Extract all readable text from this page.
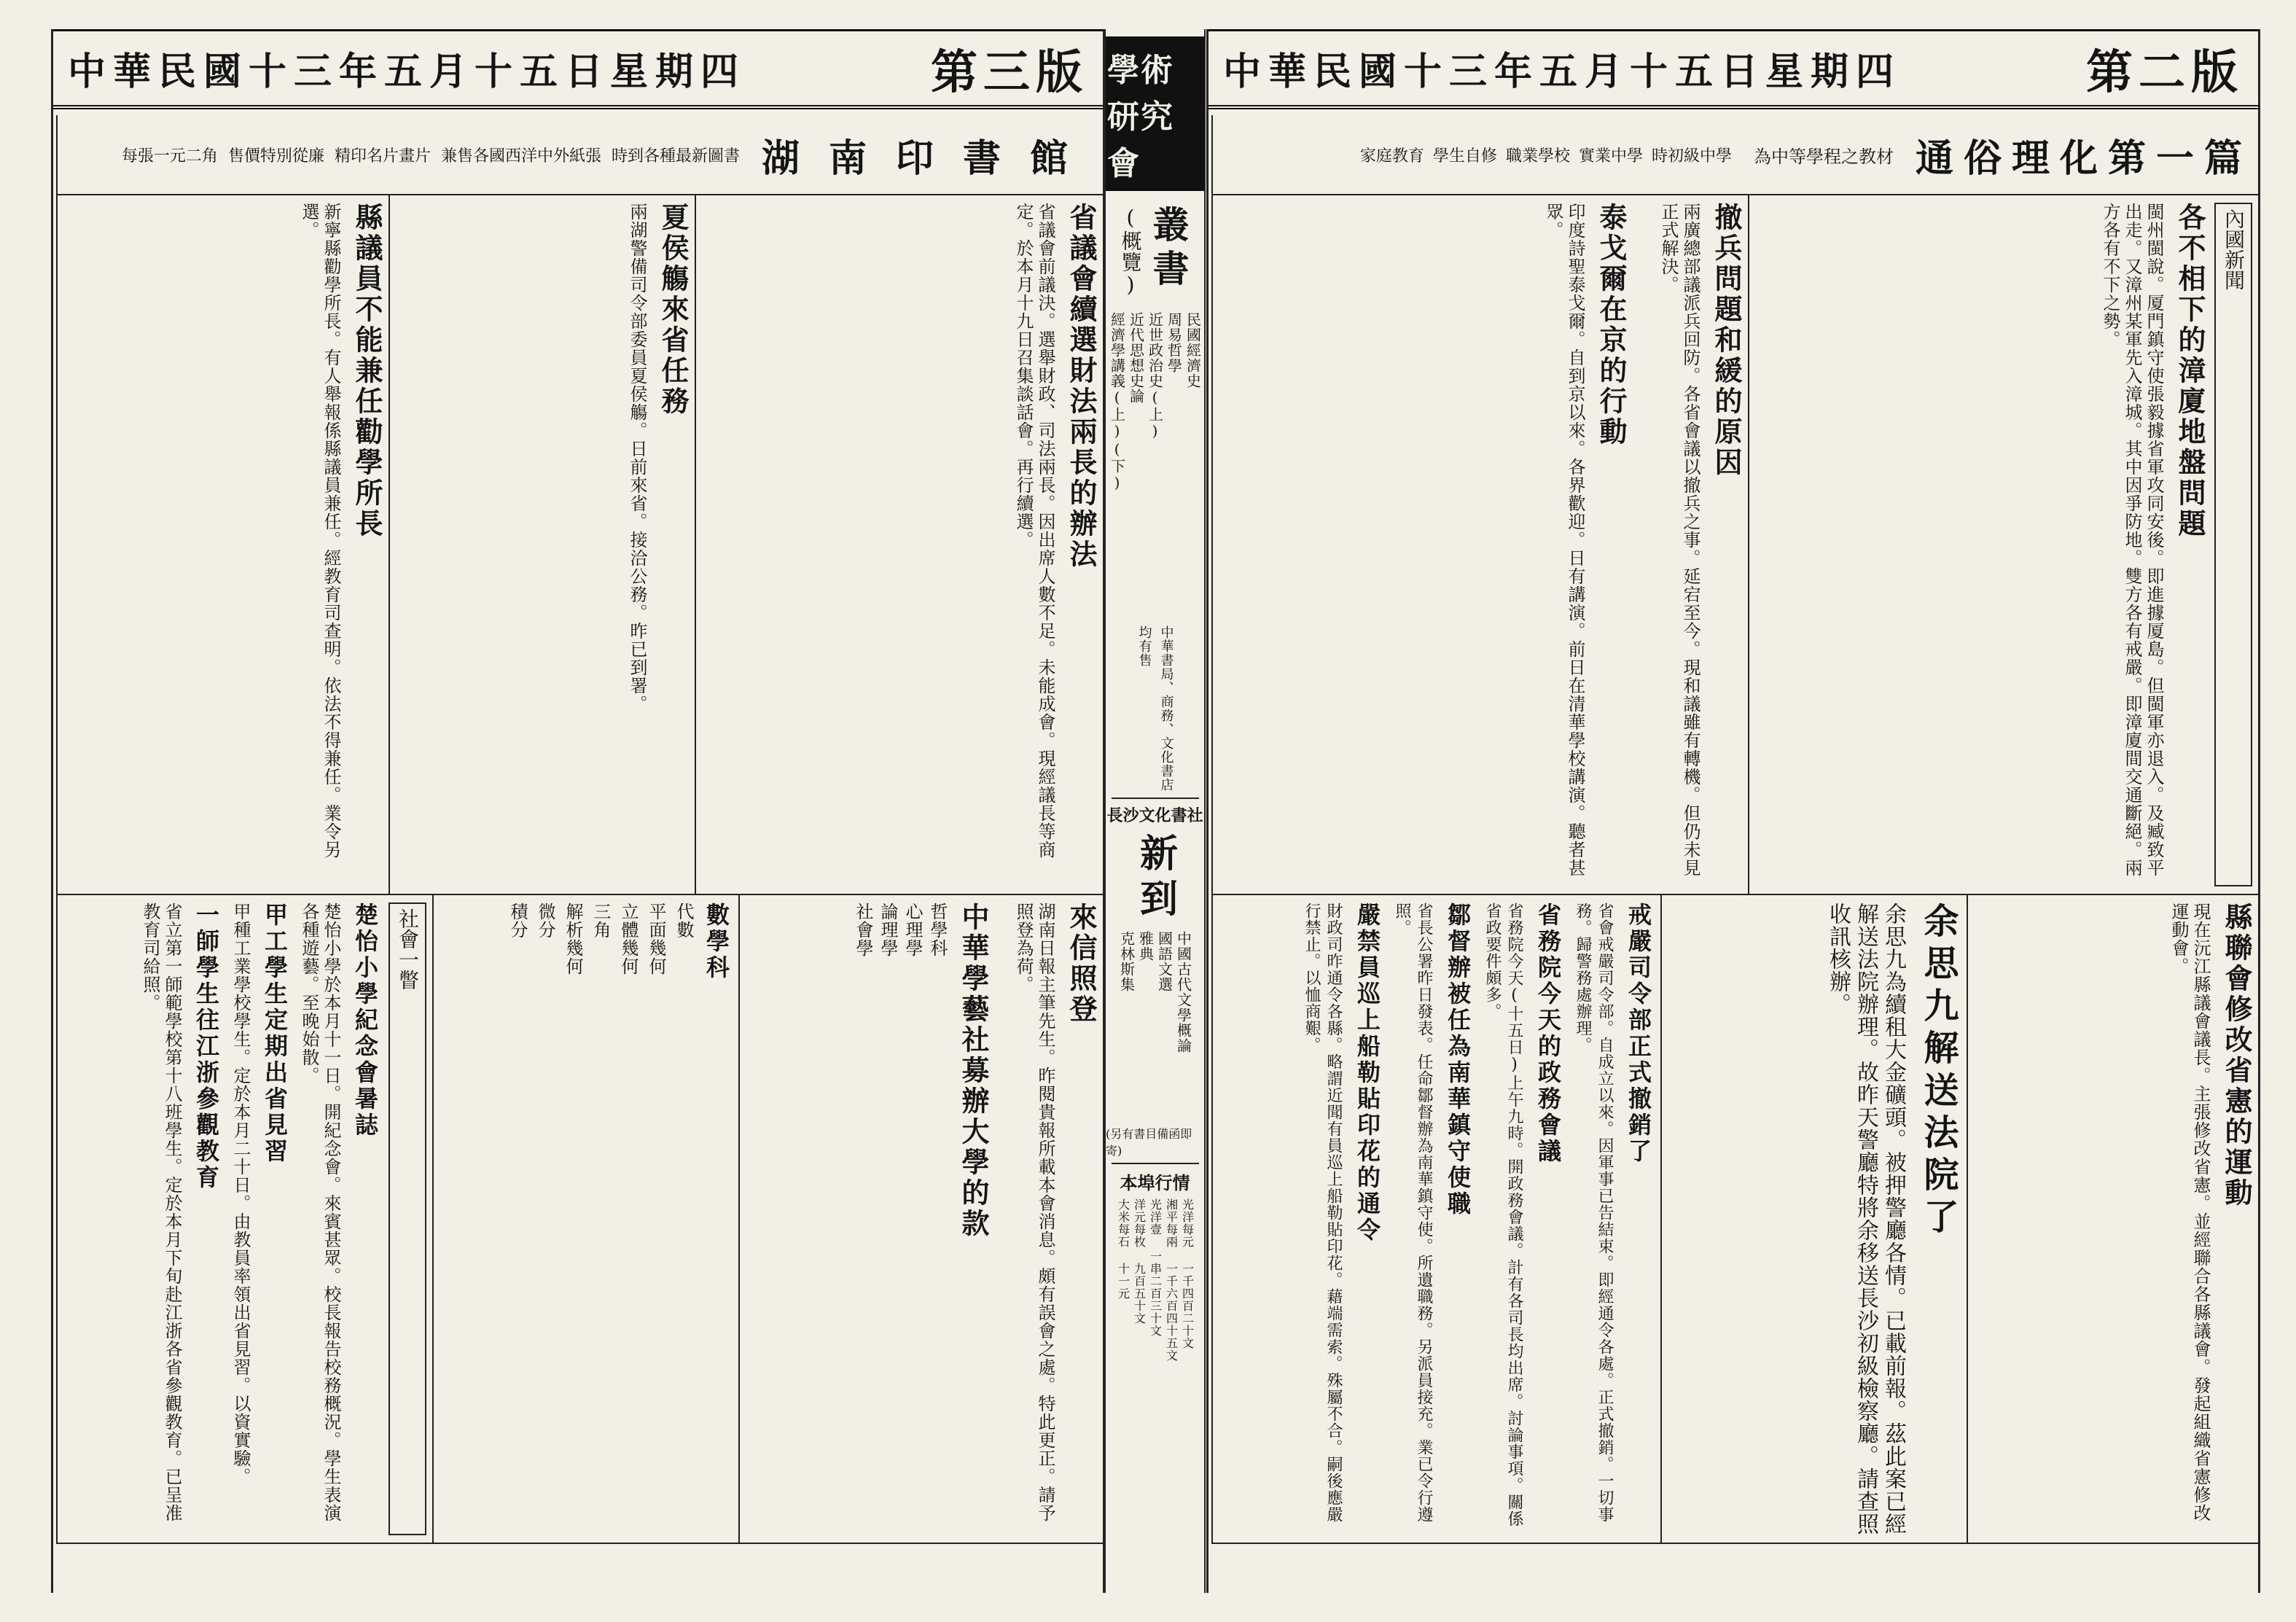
中華民國十三年五月十五日星期四	第二版
通俗理化第一篇
為中等學程之教材
時初級中學
實業中學
職業學校
學生自修
家庭教育
內國新聞
各不相下的漳廈地盤問題
閩州閩說。厦門鎮守使張毅據省軍攻同安後。即進據厦島。但閩軍亦退入。及臧致平出走。又漳州某軍先入漳城。其中因爭防地。雙方各有戒嚴。即漳廈間交通斷絕。兩方各有不下之勢。
撤兵問題和緩的原因
兩廣總部議派兵回防。各省會議以撤兵之事。延宕至今。現和議雖有轉機。但仍未見正式解決。
泰戈爾在京的行動
印度詩聖泰戈爾。自到京以來。各界歡迎。日有講演。前日在清華學校講演。聽者甚眾。
縣聯會修改省憲的運動
現在沅江縣議會議長。主張修改省憲。並經聯合各縣議會。發起組織省憲修改運動會。
余思九解送法院了
余思九為續租大金礦頭。被押警廳各情。已載前報。茲此案已經解送法院辦理。故昨天警廳特將余移送長沙初級檢察廳。請查照收訊核辦。
戒嚴司令部正式撤銷了
省會戒嚴司令部。自成立以來。因軍事已告結束。即經通令各處。正式撤銷。一切事務。歸警務處辦理。
省務院今天的政務會議
省務院今天(十五日)上午九時。開政務會議。計有各司長均出席。討論事項。關係省政要件頗多。
鄒督辦被任為南華鎮守使職
省長公署昨日發表。任命鄒督辦為南華鎮守使。所遺職務。另派員接充。業已令行遵照。
嚴禁員巡上船勒貼印花的通令
財政司昨通令各縣。略謂近聞有員巡上船勒貼印花。藉端需索。殊屬不合。嗣後應嚴行禁止。以恤商艱。
學術研究會
叢書
(概覽)
民國經濟史
周易哲學
近世政治史(上)
近代思想史論
經濟學講義(上)(下)
中華書局、商務、文化書店均有售
長沙文化書社
新到
中國古代文學概論
國語文選
雅典
克林斯集
(另有書目備函即寄)
本埠行情
光洋每元 一千四百二十文
湘平每兩 一千六百四十五文
光洋壹 一串二百三十文
洋元每枚 九百五十文
大米每石 十一元
中華民國十三年五月十五日星期四	第三版
湖南印書館
時到各種最新圖書
兼售各國西洋中外紙張
精印名片畫片
售價特別從廉
每張一元二角
省議會續選財法兩長的辦法
省議會前議決。選舉財政、司法兩長。因出席人數不足。未能成會。現經議長等商定。於本月十九日召集談話會。再行續選。
夏侯觴來省任務
兩湖警備司令部委員夏侯觴。日前來省。接洽公務。昨已到署。
縣議員不能兼任勸學所長
新寧縣勸學所長。有人舉報係縣議員兼任。經教育司查明。依法不得兼任。業令另選。
來信照登
湖南日報主筆先生。昨閱貴報所載本會消息。頗有誤會之處。特此更正。請予照登為荷。
中華學藝社募辦大學的款
哲學科
心理學
論理學
社會學
數學科
代數
平面幾何
立體幾何
三角
解析幾何
微分
積分
社會一瞥
楚怡小學紀念會暑誌
楚怡小學於本月十一日。開紀念會。來賓甚眾。校長報告校務概況。學生表演各種遊藝。至晚始散。
甲工學生定期出省見習
甲種工業學校學生。定於本月二十日。由教員率領出省見習。以資實驗。
一師學生往江浙參觀教育
省立第一師範學校第十八班學生。定於本月下旬赴江浙各省參觀教育。已呈准教育司給照。
